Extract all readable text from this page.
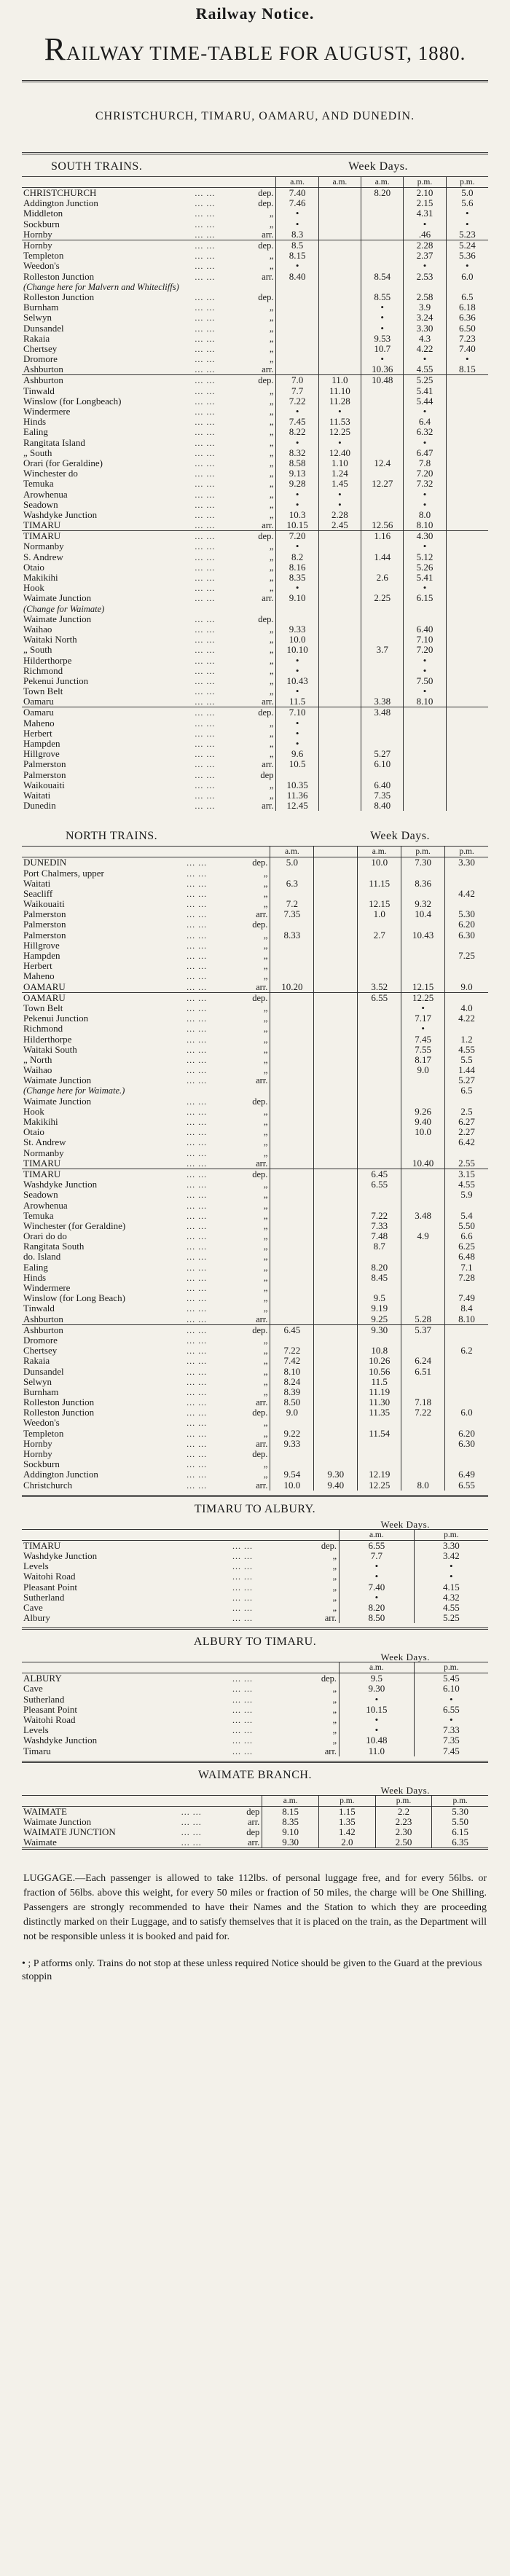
Railway Notice.
RAILWAY TIME-TABLE FOR AUGUST, 1880.
CHRISTCHURCH, TIMARU, OAMARU, AND DUNEDIN.
SOUTH TRAINS.	Week Days.
			a.m.	a.m.	a.m.	p.m.	p.m.
CHRISTCHURCH	... ...	dep.	7.40		8.20	2.10	5.0
Addington Junction	... ...	dep.	7.46			2.15	5.6
Middleton	... ...	„	•			4.31	•
Sockburn	... ...	„	•			•	•
Hornby	... ...	arr.	8.3			.46	5.23
Hornby	... ...	dep.	8.5			2.28	5.24
Templeton	... ...	„	8.15			2.37	5.36
Weedon's	... ...	„	•			•	•
Rolleston Junction	... ...	arr.	8.40		8.54	2.53	6.0
(Change here for Malvern and Whitecliffs)							
Rolleston Junction	... ...	dep.			8.55	2.58	6.5
Burnham	... ...	„			•	3.9	6.18
Selwyn	... ...	„			•	3.24	6.36
Dunsandel	... ...	„			•	3.30	6.50
Rakaia	... ...	„			9.53	4.3	7.23
Chertsey	... ...	„			10.7	4.22	7.40
Dromore	... ...	„			•	•	•
Ashburton	... ...	arr.			10.36	4.55	8.15
Ashburton	... ...	dep.	7.0	11.0	10.48	5.25	
Tinwald	... ...	„	7.7	11.10		5.41	
Winslow (for Longbeach)	... ...	„	7.22	11.28		5.44	
Windermere	... ...	„	•	•		•	
Hinds	... ...	„	7.45	11.53		6.4	
Ealing	... ...	„	8.22	12.25		6.32	
Rangitata Island	... ...	„	•	•		•	
„ South	... ...	„	8.32	12.40		6.47	
Orari (for Geraldine)	... ...	„	8.58	1.10	12.4	7.8	
Winchester do	... ...	„	9.13	1.24		7.20	
Temuka	... ...	„	9.28	1.45	12.27	7.32	
Arowhenua	... ...	„	•	•		•	
Seadown	... ...	„	•	•		•	
Washdyke Junction	... ...	„	10.3	2.28		8.0	
TIMARU	... ...	arr.	10.15	2.45	12.56	8.10	
TIMARU	... ...	dep.	7.20		1.16	4.30	
Normanby	... ...	„	•			•	
S. Andrew	... ...	„	8.2		1.44	5.12	
Otaio	... ...	„	8.16			5.26	
Makikihi	... ...	„	8.35		2.6	5.41	
Hook	... ...	„	•			•	
Waimate Junction	... ...	arr.	9.10		2.25	6.15	
(Change for Waimate)							
Waimate Junction	... ...	dep.					
Waihao	... ...	„	9.33			6.40	
Waitaki North	... ...	„	10.0			7.10	
„ South	... ...	„	10.10		3.7	7.20	
Hilderthorpe	... ...	„	•			•	
Richmond	... ...	„	•			•	
Pekenui Junction	... ...	„	10.43			7.50	
Town Belt	... ...	„	•			•	
Oamaru	... ...	arr.	11.5		3.38	8.10	
Oamaru	... ...	dep.	7.10		3.48		
Maheno	... ...	„	•				
Herbert	... ...	„	•				
Hampden	... ...	„	•				
Hillgrove	... ...	„	9.6		5.27		
Palmerston	... ...	arr.	10.5		6.10		
Palmerston	... ...	dep					
Waikouaiti	... ...	„	10.35		6.40		
Waitati	... ...	„	11.36		7.35		
Dunedin	... ...	arr.	12.45		8.40		
NORTH TRAINS.	Week Days.
			a.m.		a.m.	p.m.	p.m.
DUNEDIN	... ...	dep.	5.0		10.0	7.30	3.30
Port Chalmers, upper	... ...	„					
Waitati	... ...	„	6.3		11.15	8.36	
Seacliff	... ...	„					4.42
Waikouaiti	... ...	„	7.2		12.15	9.32	
Palmerston	... ...	arr.	7.35		1.0	10.4	5.30
Palmerston	... ...	dep.					6.20
Palmerston	... ...	„	8.33		2.7	10.43	6.30
Hillgrove	... ...	„					
Hampden	... ...	„					7.25
Herbert	... ...	„					
Maheno	... ...	„					
OAMARU	... ...	arr.	10.20		3.52	12.15	9.0
OAMARU	... ...	dep.			6.55	12.25	
Town Belt	... ...	„				•	4.0
Pekenui Junction	... ...	„				7.17	4.22
Richmond	... ...	„				•	
Hilderthorpe	... ...	„				7.45	1.2
Waitaki South	... ...	„				7.55	4.55
„ North	... ...	„				8.17	5.5
Waihao	... ...	„				9.0	1.44
Waimate Junction	... ...	arr.					5.27
(Change here for Waimate.)							6.5
Waimate Junction	... ...	dep.					
Hook	... ...	„				9.26	2.5
Makikihi	... ...	„				9.40	6.27
Otaio	... ...	„				10.0	2.27
St. Andrew	... ...	„					6.42
Normanby	... ...	„					
TIMARU	... ...	arr.				10.40	2.55
TIMARU	... ...	dep.			6.45		3.15
Washdyke Junction	... ...	„			6.55		4.55
Seadown	... ...	„					5.9
Arowhenua	... ...	„					
Temuka	... ...	„			7.22	3.48	5.4
Winchester (for Geraldine)	... ...	„			7.33		5.50
Orari do do	... ...	„			7.48	4.9	6.6
Rangitata South	... ...	„			8.7		6.25
do. Island	... ...	„					6.48
Ealing	... ...	„			8.20		7.1
Hinds	... ...	„			8.45		7.28
Windermere	... ...	„					
Winslow (for Long Beach)	... ...	„			9.5		7.49
Tinwald	... ...	„			9.19		8.4
Ashburton	... ...	arr.			9.25	5.28	8.10
Ashburton	... ...	dep.	6.45		9.30	5.37	
Dromore	... ...	„					
Chertsey	... ...	„	7.22		10.8		6.2
Rakaia	... ...	„	7.42		10.26	6.24	
Dunsandel	... ...	„	8.10		10.56	6.51	
Selwyn	... ...	„	8.24		11.5		
Burnham	... ...	„	8.39		11.19		
Rolleston Junction	... ...	arr.	8.50		11.30	7.18	
Rolleston Junction	... ...	dep.	9.0		11.35	7.22	6.0
Weedon's	... ...	„					
Templeton	... ...	„	9.22		11.54		6.20
Hornby	... ...	arr.	9.33				6.30
Hornby	... ...	dep.					
Sockburn	... ...	„					
Addington Junction	... ...	„	9.54	9.30	12.19		6.49
Christchurch	... ...	arr.	10.0	9.40	12.25	8.0	6.55
TIMARU TO ALBURY.
Week Days.
			a.m.	p.m.
TIMARU	... ...	dep.	6.55	3.30
Washdyke Junction	... ...	„	7.7	3.42
Levels	... ...	„	•	•
Waitohi Road	... ...	„	•	•
Pleasant Point	... ...	„	7.40	4.15
Sutherland	... ...	„	•	4.32
Cave	... ...	„	8.20	4.55
Albury	... ...	arr.	8.50	5.25
ALBURY TO TIMARU.
Week Days.
			a.m.	p.m.
ALBURY	... ...	dep.	9.5	5.45
Cave	... ...	„	9.30	6.10
Sutherland	... ...	„	•	•
Pleasant Point	... ...	„	10.15	6.55
Waitohi Road	... ...	„	•	•
Levels	... ...	„	•	7.33
Washdyke Junction	... ...	„	10.48	7.35
Timaru	... ...	arr.	11.0	7.45
WAIMATE BRANCH.
Week Days.
			a.m.	p.m.	p.m.	p.m.
WAIMATE	... ...	dep	8.15	1.15	2.2	5.30
Waimate Junction	... ...	arr.	8.35	1.35	2.23	5.50
WAIMATE JUNCTION	... ...	dep	9.10	1.42	2.30	6.15
Waimate	... ...	arr.	9.30	2.0	2.50	6.35
LUGGAGE.—Each passenger is allowed to take 112lbs. of personal luggage free, and for every 56lbs. or fraction of 56lbs. above this weight, for every 50 miles or fraction of 50 miles, the charge will be One Shilling. Passengers are strongly recommended to have their Names and the Station to which they are proceeding distinctly marked on their Luggage, and to satisfy themselves that it is placed on the train, as the Department will not be responsible unless it is booked and paid for.
• ; P atforms only. Trains do not stop at these unless required Notice should be given to the Guard at the previous stoppin
